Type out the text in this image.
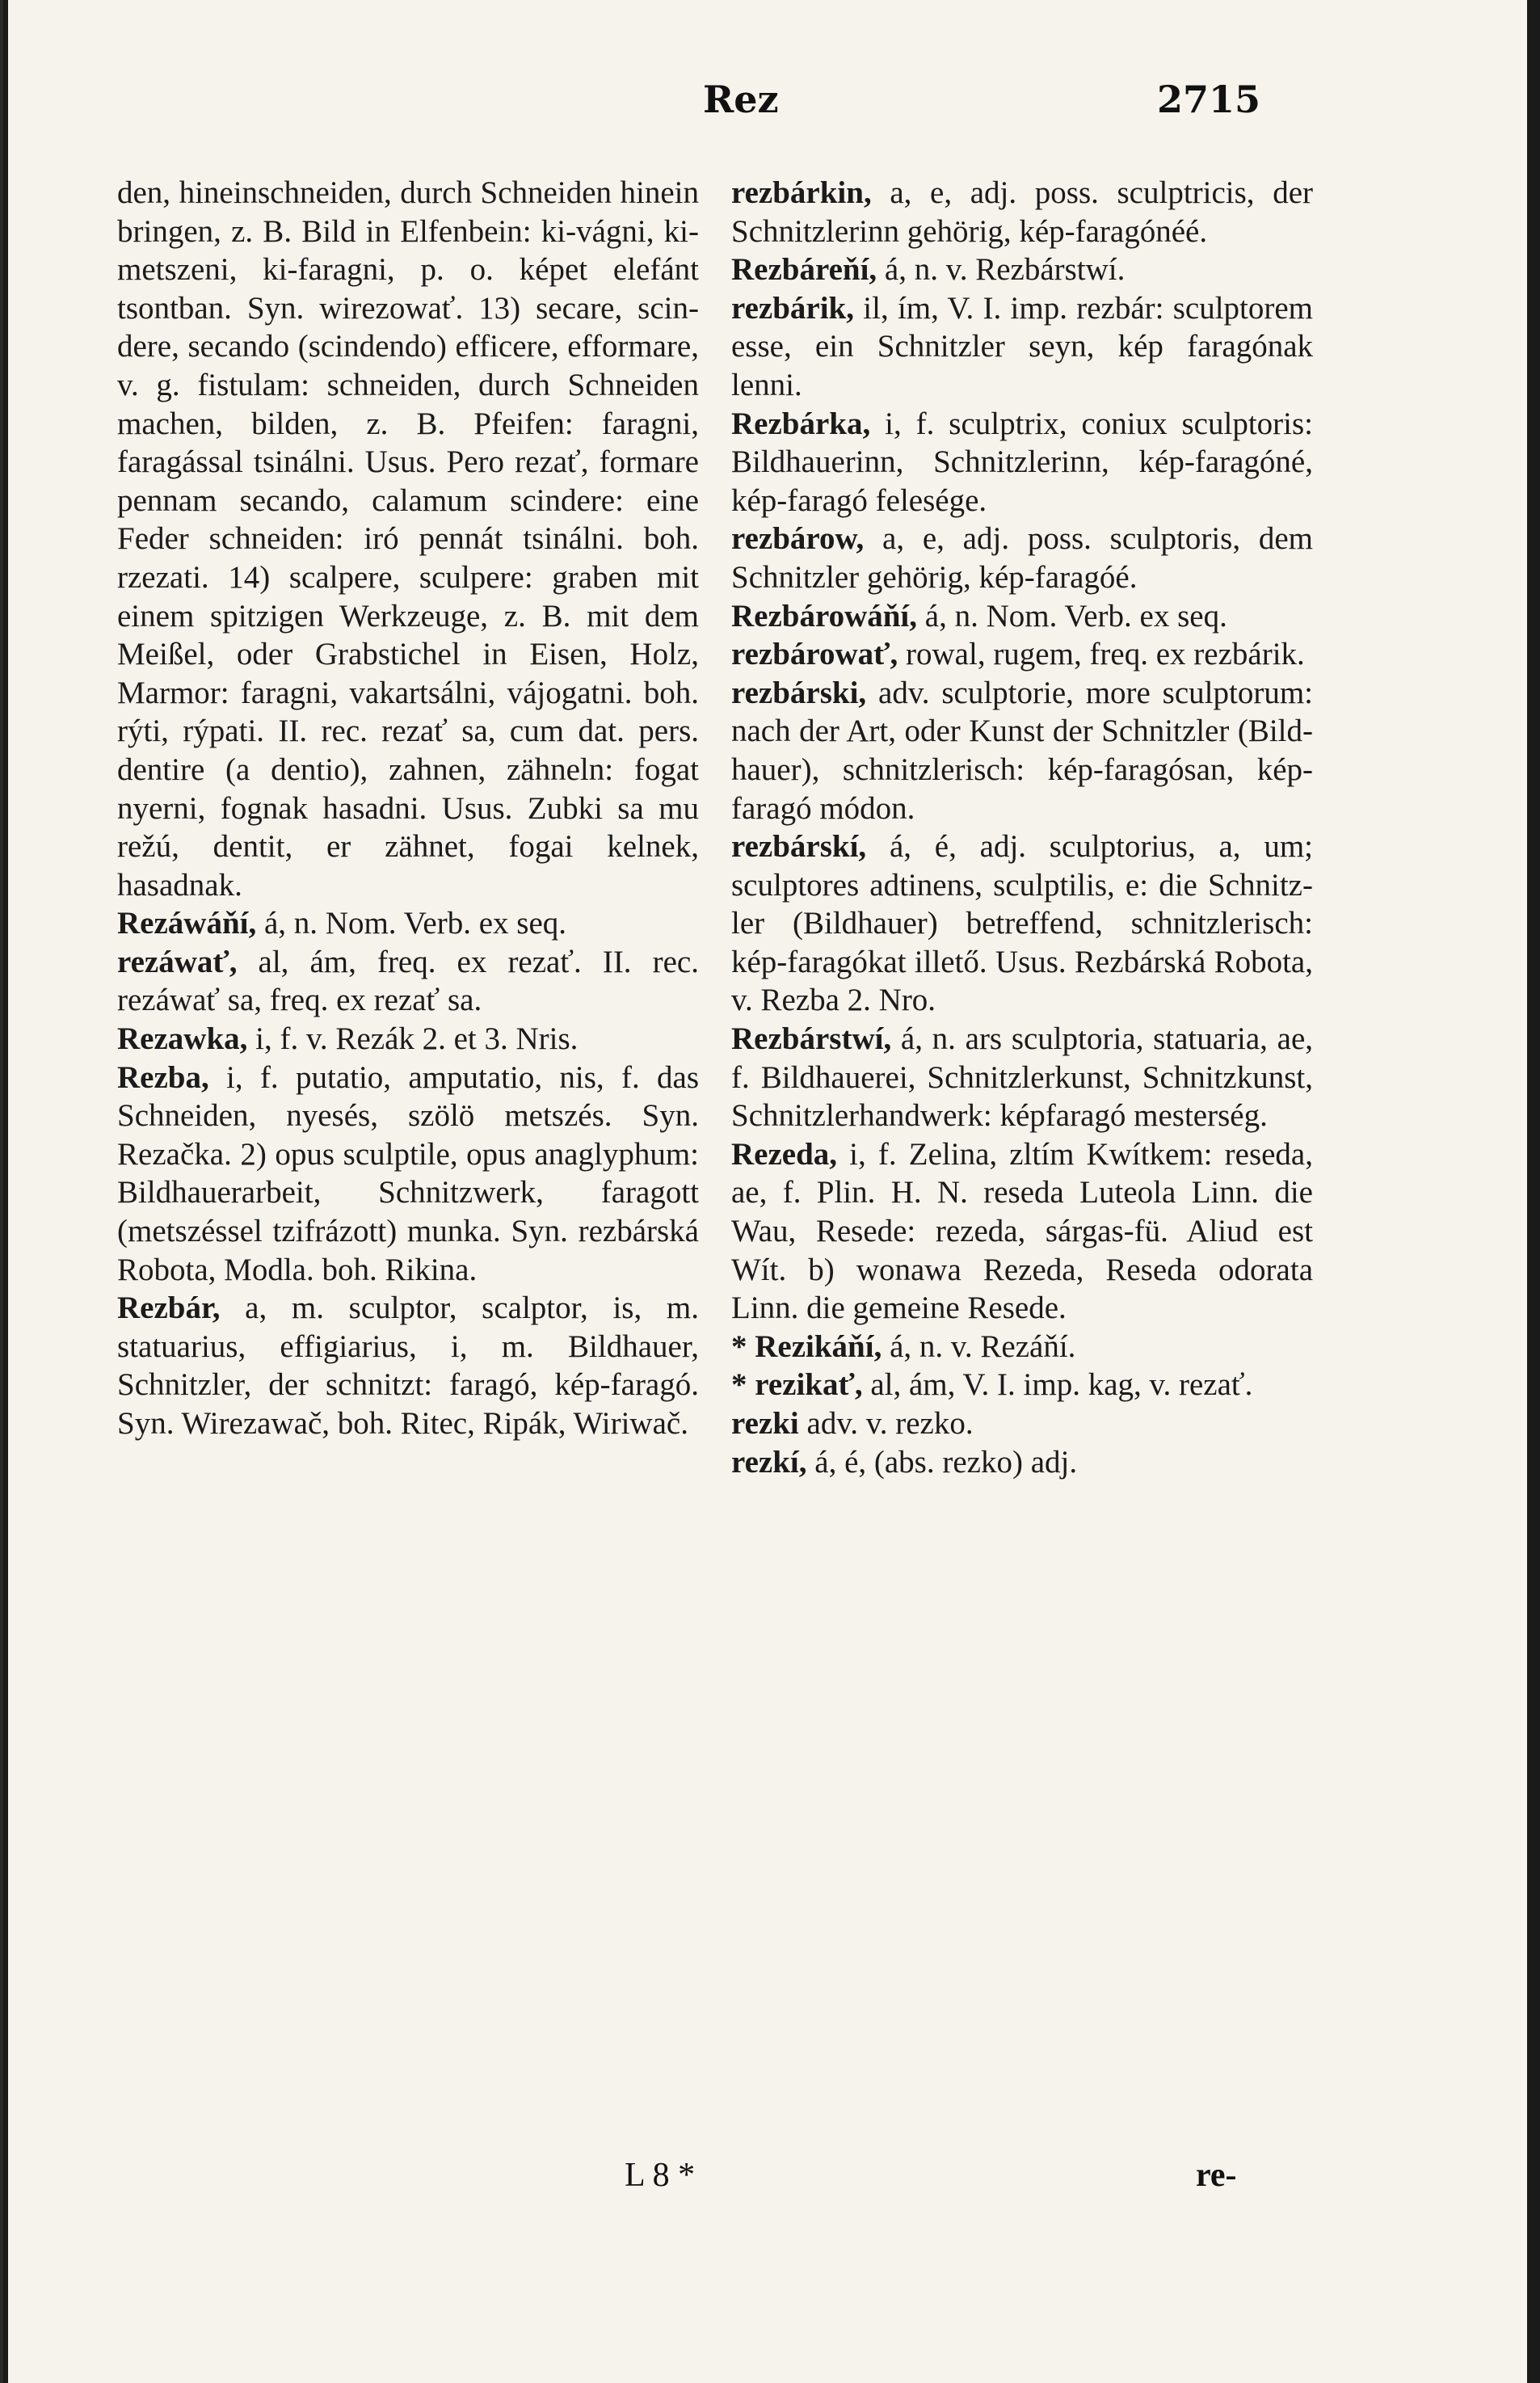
Rez	2715

den, hineinschneiden, durch Schneiden hinein bringen, z. B. Bild in Elfenbein: ki-vágni, kimetszeni, ki-faragni, p. o. képet elefánt tsontban. Syn. wirezowať. 13) secare, scindere, secando (scindendo) efficere, efformare, v. g. fistulam: schneiden, durch Schneiden machen, bilden, z. B. Pfeifen: faragni, faragással tsinálni. Usus. Pero rezať, formare pennam secando, calamum scindere: eine Feder schneiden: iró pennát tsinálni. boh. rzezati. 14) scalpere, sculpere: graben mit einem spitzigen Werkzeuge, z. B. mit dem Meißel, oder Grabstichel in Eisen, Holz, Marmor: faragni, vakartsálni, vájogatni. boh. rýti, rýpati. II. rec. rezať sa, cum dat. pers. dentire (a dentio), zahnen, zähneln: fogat nyerni, fognak hasadni. Usus. Zubki sa mu režú, dentit, er zähnet, fogai kelnek, hasadnak.

Rezáwáňí, á, n. Nom. Verb. ex seq.

rezáwať, al, ám, freq. ex rezať. II. rec. rezáwať sa, freq. ex rezať sa.

Rezawka, i, f. v. Rezák 2. et 3. Nris.

Rezba, i, f. putatio, amputatio, nis, f. das Schneiden, nyesés, szölö metszés. Syn. Rezačka. 2) opus sculptile, opus anaglyphum: Bildhauerarbeit, Schnitzwerk, faragott (metszéssel tzifrázott) munka. Syn. rezbárská Robota, Modla. boh. Rikina.

Rezbár, a, m. sculptor, scalptor, is, m. statuarius, effigiarius, i, m. Bildhauer, Schnitzler, der schnitzt: faragó, kép-faragó. Syn. Wirezawač, boh. Ritec, Ripák, Wiriwač.

rezbárkin, a, e, adj. poss. sculptricis, der Schnitzlerinn gehörig, kép-faragónéé.

Rezbáreňí, á, n. v. Rezbárstwí.

rezbárik, il, ím, V. I. imp. rezbár: sculptorem esse, ein Schnitzler seyn, kép faragónak lenni.

Rezbárka, i, f. sculptrix, coniux sculptoris: Bildhauerinn, Schnitzlerinn, kép-faragóné, kép-faragó felesége.

rezbárow, a, e, adj. poss. sculptoris, dem Schnitzler gehörig, kép-faragóé.

Rezbárowáňí, á, n. Nom. Verb. ex seq.

rezbárowať, rowal, rugem, freq. ex rezbárik.

rezbárski, adv. sculptorie, more sculptorum: nach der Art, oder Kunst der Schnitzler (Bildhauer), schnitzlerisch: kép-faragósan, kép-faragó módon.

rezbárskí, á, é, adj. sculptorius, a, um; sculptores adtinens, sculptilis, e: die Schnitzler (Bildhauer) betreffend, schnitzlerisch: kép-faragókat illető. Usus. Rezbárská Robota, v. Rezba 2. Nro.

Rezbárstwí, á, n. ars sculptoria, statuaria, ae, f. Bildhauerei, Schnitzlerkunst, Schnitzkunst, Schnitzlerhandwerk: képfaragó mesterség.

Rezeda, i, f. Zelina, zltím Kwítkem: reseda, ae, f. Plin. H. N. reseda Luteola Linn. die Wau, Resede: rezeda, sárgas-fü. Aliud est Wít. b) wonawa Rezeda, Reseda odorata Linn. die gemeine Resede.

* Rezikáňí, á, n. v. Rezáňí.

* rezikať, al, ám, V. I. imp. kag, v. rezať.

rezki adv. v. rezko.

rezkí, á, é, (abs. rezko) adj.

L 8 *	re-
